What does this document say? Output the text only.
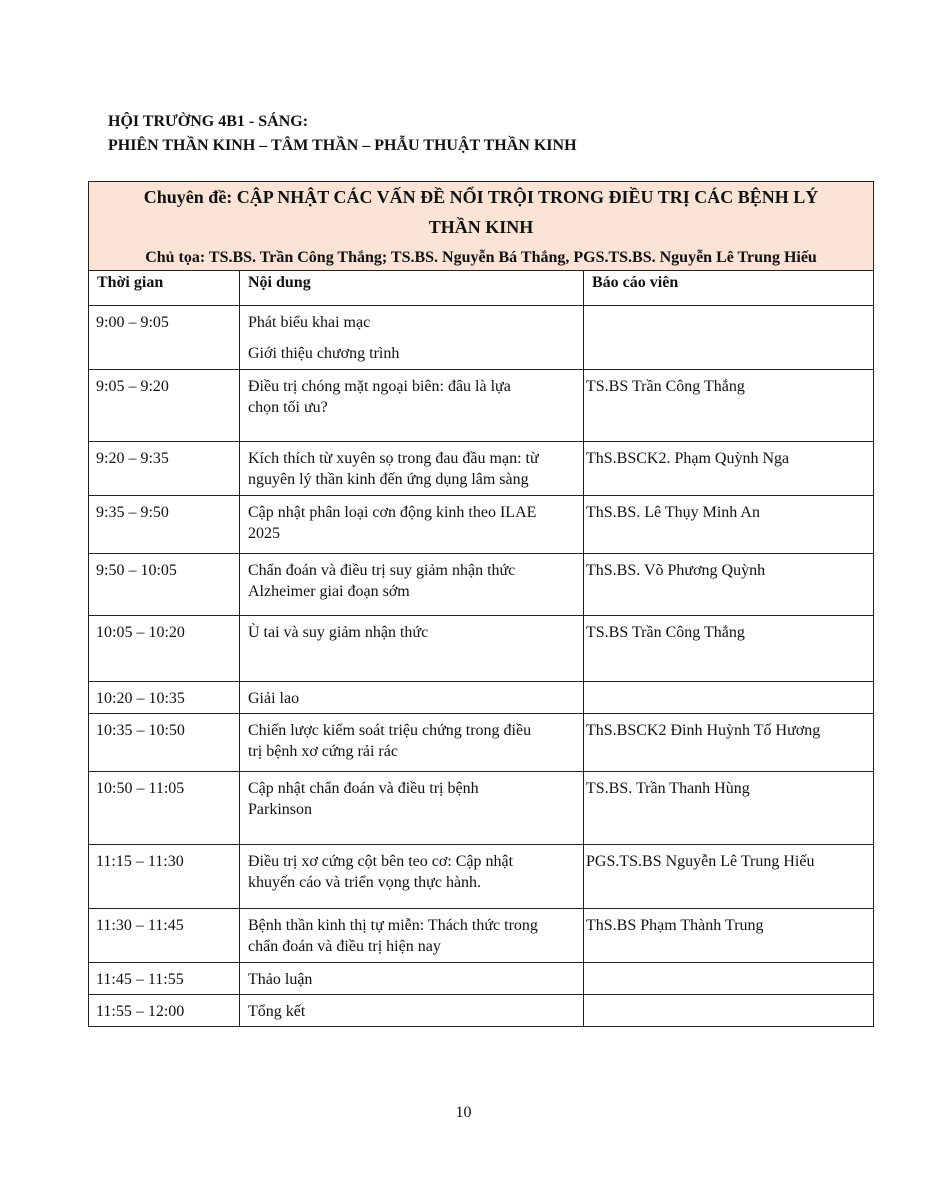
HỘI TRƯỜNG 4B1 - SÁNG:
PHIÊN THẦN KINH – TÂM THẦN – PHẪU THUẬT THẦN KINH
Chuyên đề: CẬP NHẬT CÁC VẤN ĐỀ NỔI TRỘI TRONG ĐIỀU TRỊ CÁC BỆNH LÝ
THẦN KINH
Chủ tọa: TS.BS. Trần Công Thắng; TS.BS. Nguyễn Bá Thắng, PGS.TS.BS. Nguyễn Lê Trung Hiếu		

Thời gian	Nội dung	Báo cáo viên
9:00 – 9:05	Phát biểu khai mạc
Giới thiệu chương trình	

9:05 – 9:20	Điều trị chóng mặt ngoại biên: đâu là lựa
chọn tối ưu?	TS.BS Trần Công Thắng
9:20 – 9:35	Kích thích từ xuyên sọ trong đau đầu mạn: từ
nguyên lý thần kinh đến ứng dụng lâm sàng	ThS.BSCK2. Phạm Quỳnh Nga
9:35 – 9:50	Cập nhật phân loại cơn động kinh theo ILAE
2025	ThS.BS. Lê Thụy Minh An
9:50 – 10:05	Chẩn đoán và điều trị suy giảm nhận thức
Alzheimer giai đoạn sớm	ThS.BS. Võ Phương Quỳnh
10:05 – 10:20	Ù tai và suy giảm nhận thức	TS.BS Trần Công Thắng
10:20 – 10:35	Giải lao	

10:35 – 10:50	Chiến lược kiểm soát triệu chứng trong điều
trị bệnh xơ cứng rải rác	ThS.BSCK2 Đinh Huỳnh Tố Hương
10:50 – 11:05	Cập nhật chẩn đoán và điều trị bệnh
Parkinson	TS.BS. Trần Thanh Hùng
11:15 – 11:30	Điều trị xơ cứng cột bên teo cơ: Cập nhật
khuyến cáo và triển vọng thực hành.	PGS.TS.BS Nguyễn Lê Trung Hiếu
11:30 – 11:45	Bệnh thần kinh thị tự miễn: Thách thức trong
chẩn đoán và điều trị hiện nay	ThS.BS Phạm Thành Trung
11:45 – 11:55	Thảo luận	

11:55 – 12:00	Tổng kết	

10
